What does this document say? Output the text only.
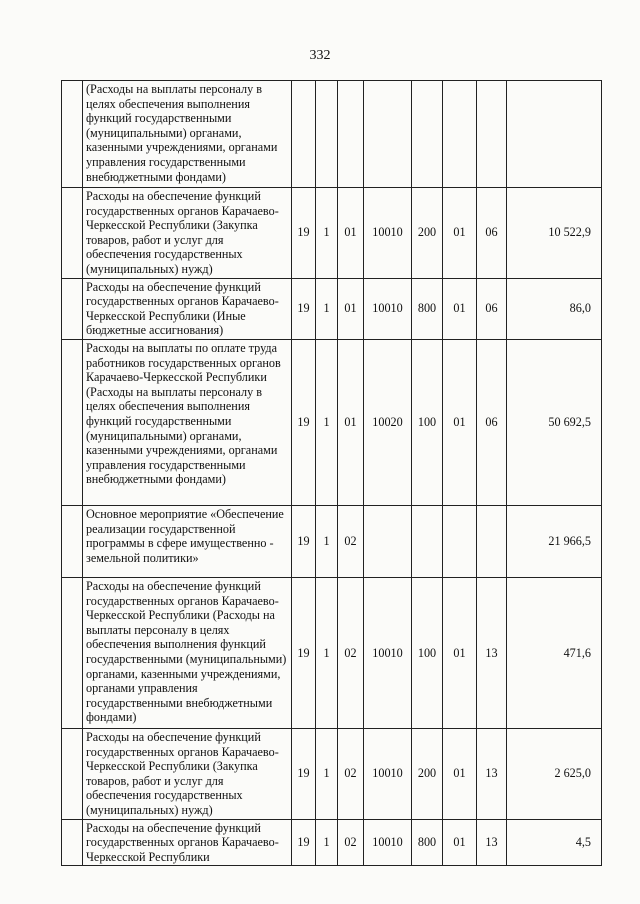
332
	(Расходы на выплаты персоналу в целях обеспечения выполнения функций государственными (муниципальными) органами, казенными учреждениями, органами управления государственными внебюджетными фондами)								
	Расходы на обеспечение функций государственных органов Карачаево-Черкесской Республики (Закупка товаров, работ и услуг для обеспечения государственных (муниципальных) нужд)	19	1	01	10010	200	01	06	10 522,9
	Расходы на обеспечение функций государственных органов Карачаево-Черкесской Республики (Иные бюджетные ассигнования)	19	1	01	10010	800	01	06	86,0
	Расходы на выплаты по оплате труда работников государственных органов Карачаево-Черкесской Республики (Расходы на выплаты персоналу в целях обеспечения выполнения функций государственными (муниципальными) органами, казенными учреждениями, органами управления государственными внебюджетными фондами)	19	1	01	10020	100	01	06	50 692,5
	Основное мероприятие «Обеспечение реализации государственной программы в сфере имущественно - земельной политики»	19	1	02					21 966,5
	Расходы на обеспечение функций государственных органов Карачаево-Черкесской Республики (Расходы на выплаты персоналу в целях обеспечения выполнения функций государственными (муниципальными) органами, казенными учреждениями, органами управления государственными внебюджетными фондами)	19	1	02	10010	100	01	13	471,6
	Расходы на обеспечение функций государственных органов Карачаево-Черкесской Республики (Закупка товаров, работ и услуг для обеспечения государственных (муниципальных) нужд)	19	1	02	10010	200	01	13	2 625,0
	Расходы на обеспечение функций государственных органов Карачаево-Черкесской Республики	19	1	02	10010	800	01	13	4,5
